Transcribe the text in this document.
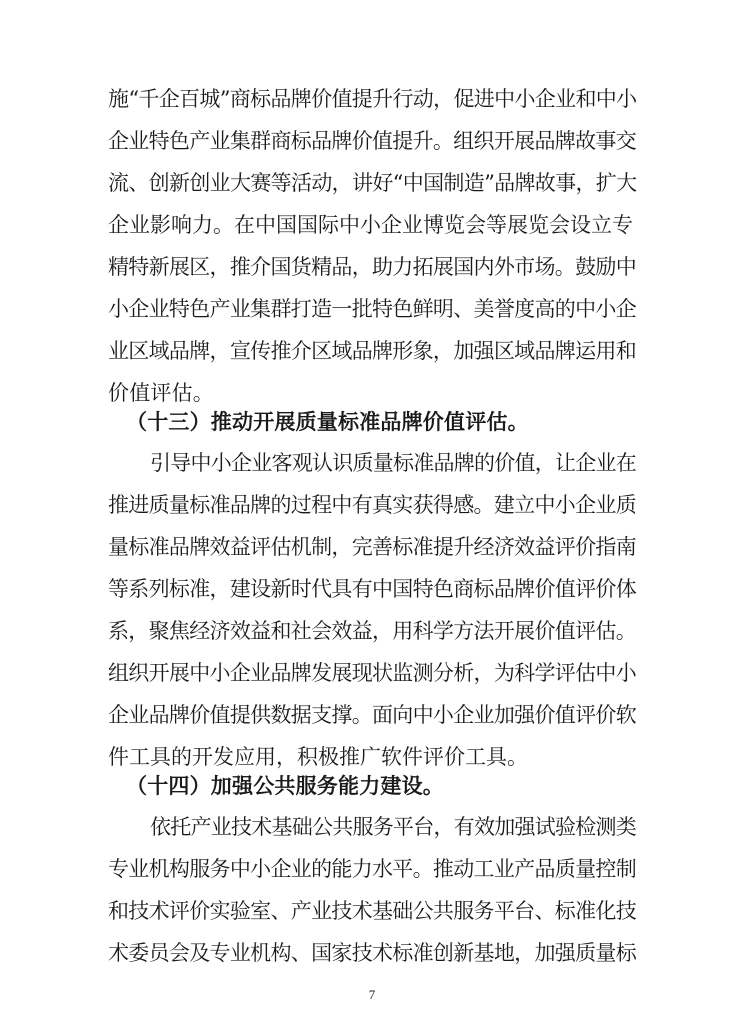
施“千企百城”商标品牌价值提升行动，促进中小企业和中小
企业特色产业集群商标品牌价值提升。组织开展品牌故事交
流、创新创业大赛等活动，讲好“中国制造”品牌故事，扩大
企业影响力。在中国国际中小企业博览会等展览会设立专
精特新展区，推介国货精品，助力拓展国内外市场。鼓励中
小企业特色产业集群打造一批特色鲜明、美誉度高的中小企
业区域品牌，宣传推介区域品牌形象，加强区域品牌运用和
价值评估。
（十三）推动开展质量标准品牌价值评估。
引导中小企业客观认识质量标准品牌的价值，让企业在
推进质量标准品牌的过程中有真实获得感。建立中小企业质
量标准品牌效益评估机制，完善标准提升经济效益评价指南
等系列标准，建设新时代具有中国特色商标品牌价值评价体
系，聚焦经济效益和社会效益，用科学方法开展价值评估。
组织开展中小企业品牌发展现状监测分析，为科学评估中小
企业品牌价值提供数据支撑。面向中小企业加强价值评价软
件工具的开发应用，积极推广软件评价工具。
（十四）加强公共服务能力建设。
依托产业技术基础公共服务平台，有效加强试验检测类
专业机构服务中小企业的能力水平。推动工业产品质量控制
和技术评价实验室、产业技术基础公共服务平台、标准化技
术委员会及专业机构、国家技术标准创新基地，加强质量标
7
